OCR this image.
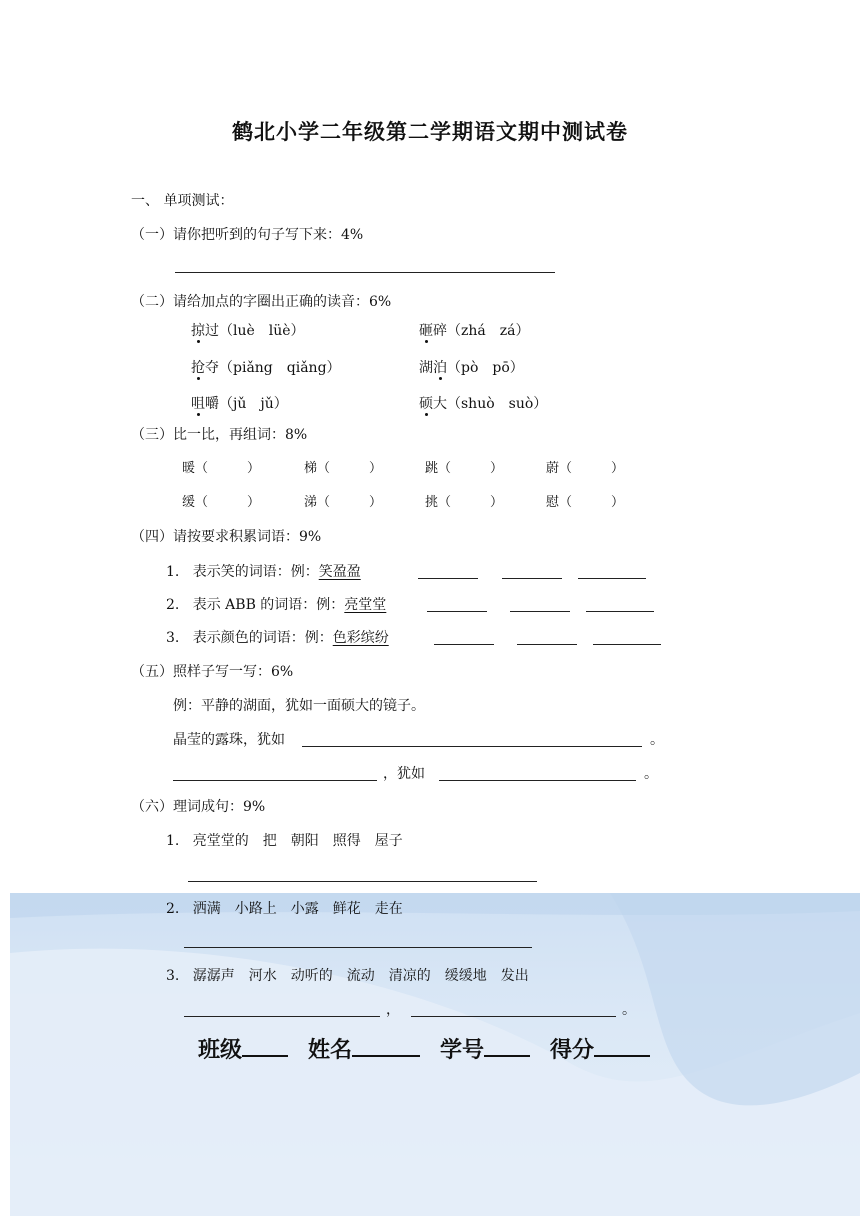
鹤北小学二年级第二学期语文期中测试卷
一、 单项测试：
（一）请你把听到的句子写下来：4%
（二）请给加点的字圈出正确的读音：6%
掠过（luè　lüè）	砸碎（zhá　zá）
抢夺（piǎng　qiǎng）	湖泊（pò　pō）
咀嚼（jǔ　jǔ）	硕大（shuò　suò）
（三）比一比，再组词：8%
暖（　　　）	梯（　　　）	跳（　　　）	蔚（　　　）
缓（　　　）	涕（　　　）	挑（　　　）	慰（　　　）
（四）请按要求积累词语：9%
1. 表示笑的词语：例：笑盈盈
2. 表示 ABB 的词语：例：亮堂堂
3. 表示颜色的词语：例：色彩缤纷
（五）照样子写一写：6%
例：平静的湖面，犹如一面硕大的镜子。
晶莹的露珠，犹如	。
，犹如	。
（六）理词成句：9%
1. 亮堂堂的　把　朝阳　照得　屋子
2. 洒满　小路上　小露　鲜花　走在
3. 潺潺声　河水　动听的　流动　清凉的　缓缓地　发出
，	。
班级	姓名	学号	得分
